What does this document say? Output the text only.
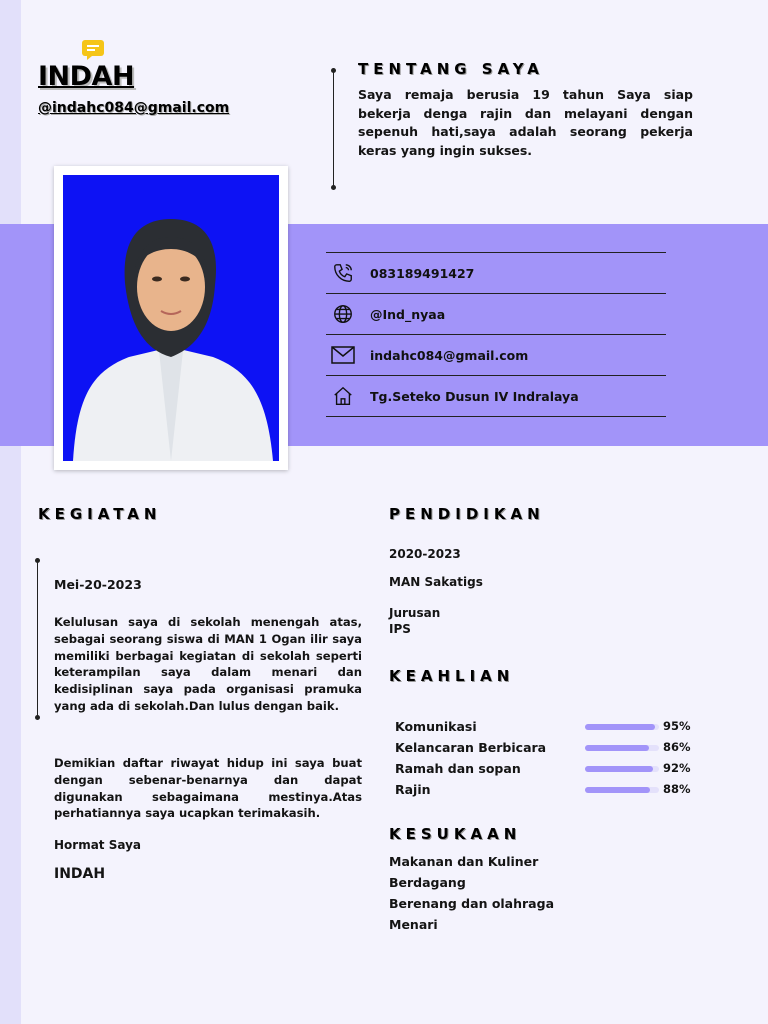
INDAH
@indahc084@gmail.com
TENTANG SAYA
Saya remaja berusia 19 tahun Saya siap bekerja denga rajin dan melayani dengan sepenuh hati,saya adalah seorang pekerja keras yang ingin sukses.
083189491427
@Ind_nyaa
indahc084@gmail.com
Tg.Seteko Dusun IV Indralaya
KEGIATAN
Mei-20-2023
Kelulusan saya di sekolah menengah atas, sebagai seorang siswa di MAN 1 Ogan ilir saya memiliki berbagai kegiatan di sekolah seperti keterampilan saya dalam menari dan kedisiplinan saya pada organisasi pramuka yang ada di sekolah.Dan lulus dengan baik.
Demikian daftar riwayat hidup ini saya buat dengan sebenar-benarnya dan dapat digunakan sebagaimana mestinya.Atas perhatiannya saya ucapkan terimakasih.
Hormat Saya
INDAH
PENDIDIKAN
2020-2023
MAN Sakatigs
Jurusan
IPS
KEAHLIAN
Komunikasi	95%
Kelancaran Berbicara	86%
Ramah dan sopan	92%
Rajin	88%
KESUKAAN
Makanan dan Kuliner
Berdagang
Berenang dan olahraga
Menari
